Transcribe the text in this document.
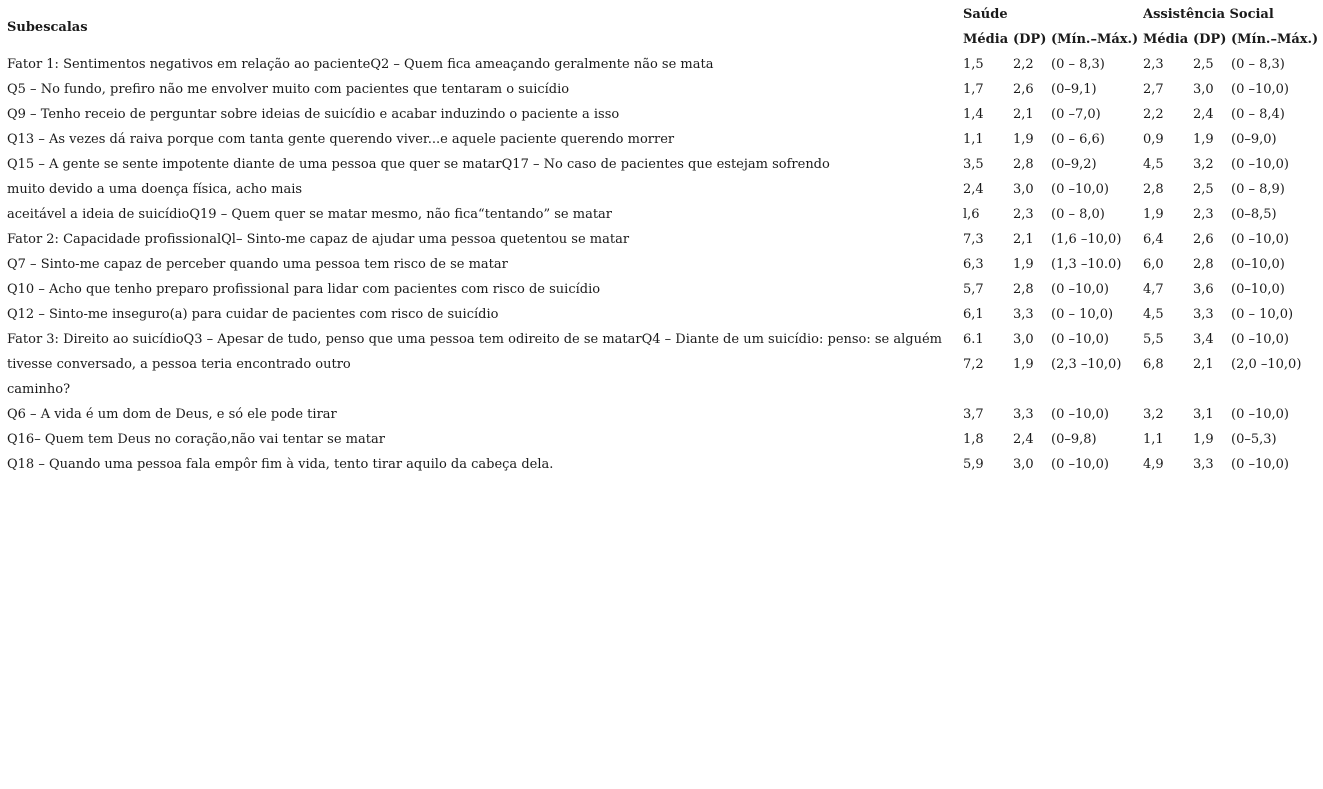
Subescalas	Saúde			Assistência Social		
	Média	(DP)	(Mín.–Máx.)	Média	(DP)	(Mín.–Máx.)
Fator 1: Sentimentos negativos em relação ao pacienteQ2 – Quem fica ameaçando geralmente não se mata	1,5	2,2	(0 – 8,3)	2,3	2,5	(0 – 8,3)
Q5 – No fundo, prefiro não me envolver muito com pacientes que tentaram o suicídio	1,7	2,6	(0–9,1)	2,7	3,0	(0 –10,0)
Q9 – Tenho receio de perguntar sobre ideias de suicídio e acabar induzindo o paciente a isso	1,4	2,1	(0 –7,0)	2,2	2,4	(0 – 8,4)
Q13 – As vezes dá raiva porque com tanta gente querendo viver...e aquele paciente querendo morrer	1,1	1,9	(0 – 6,6)	0,9	1,9	(0–9,0)
Q15 – A gente se sente impotente diante de uma pessoa que quer se matarQ17 – No caso de pacientes que estejam sofrendo	3,5	2,8	(0–9,2)	4,5	3,2	(0 –10,0)
muito devido a uma doença física, acho mais	2,4	3,0	(0 –10,0)	2,8	2,5	(0 – 8,9)
aceitável a ideia de suicídioQ19 – Quem quer se matar mesmo, não fica“tentando” se matar	l,6	2,3	(0 – 8,0)	1,9	2,3	(0–8,5)
Fator 2: Capacidade profissionalQl– Sinto-me capaz de ajudar uma pessoa quetentou se matar	7,3	2,1	(1,6 –10,0)	6,4	2,6	(0 –10,0)
Q7 – Sinto-me capaz de perceber quando uma pessoa tem risco de se matar	6,3	1,9	(1,3 –10.0)	6,0	2,8	(0–10,0)
Q10 – Acho que tenho preparo profissional para lidar com pacientes com risco de suicídio	5,7	2,8	(0 –10,0)	4,7	3,6	(0–10,0)
Q12 – Sinto-me inseguro(a) para cuidar de pacientes com risco de suicídio	6,1	3,3	(0 – 10,0)	4,5	3,3	(0 – 10,0)
Fator 3: Direito ao suicídioQ3 – Apesar de tudo, penso que uma pessoa tem odireito de se matarQ4 – Diante de um suicídio: penso: se alguém	6.1	3,0	(0 –10,0)	5,5	3,4	(0 –10,0)
tivesse conversado, a pessoa teria encontrado outro	7,2	1,9	(2,3 –10,0)	6,8	2,1	(2,0 –10,0)
caminho?						
Q6 – A vida é um dom de Deus, e só ele pode tirar	3,7	3,3	(0 –10,0)	3,2	3,1	(0 –10,0)
Q16– Quem tem Deus no coração,não vai tentar se matar	1,8	2,4	(0–9,8)	1,1	1,9	(0–5,3)
Q18 – Quando uma pessoa fala empôr fim à vida, tento tirar aquilo da cabeça dela.	5,9	3,0	(0 –10,0)	4,9	3,3	(0 –10,0)
